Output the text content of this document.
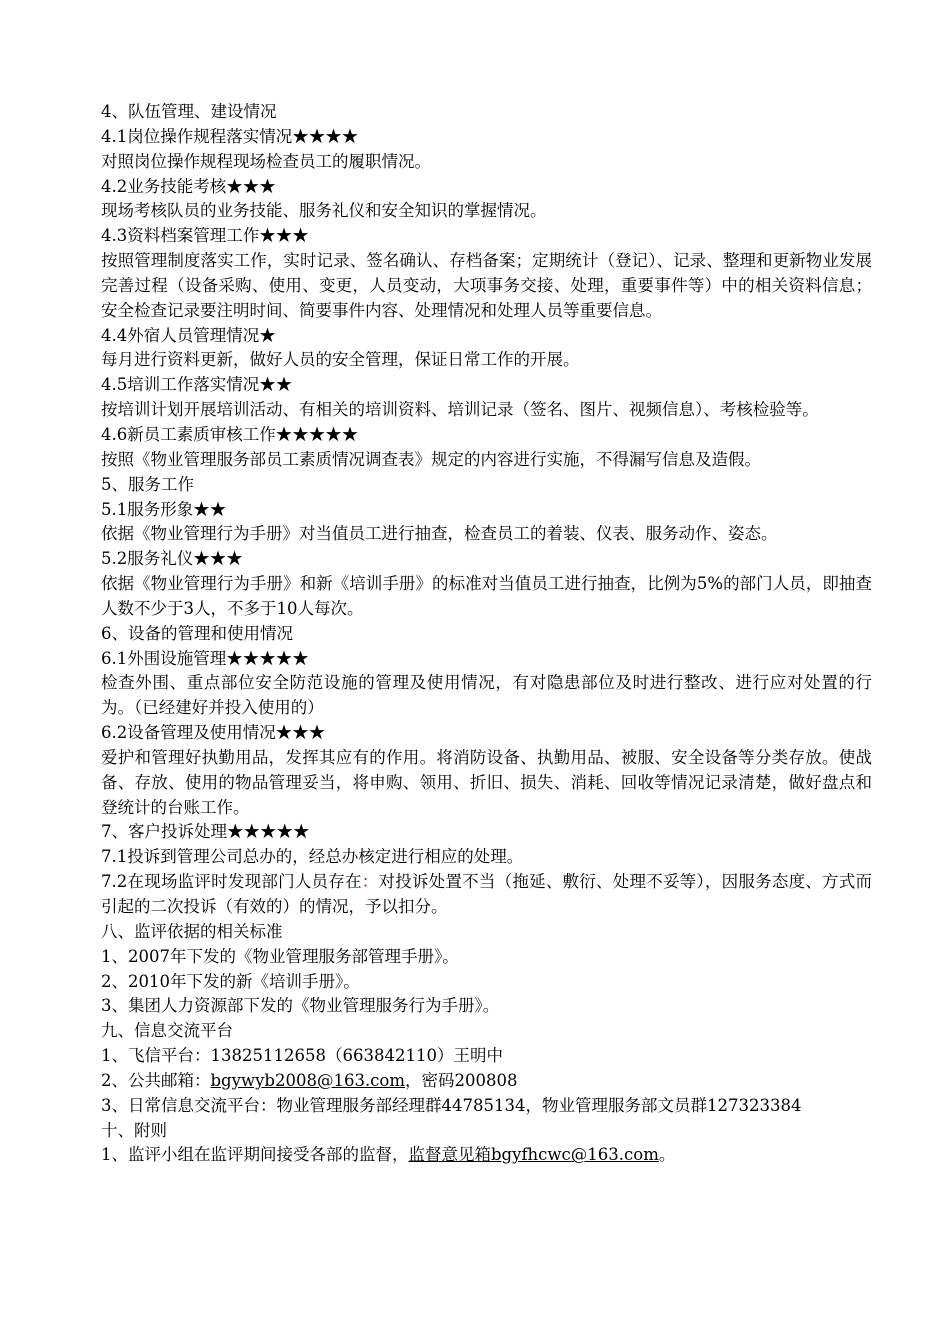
4、队伍管理、建设情况
4.1岗位操作规程落实情况★★★★
对照岗位操作规程现场检查员工的履职情况。
4.2业务技能考核★★★
现场考核队员的业务技能、服务礼仪和安全知识的掌握情况。
4.3资料档案管理工作★★★
按照管理制度落实工作，实时记录、签名确认、存档备案；定期统计（登记）、记录、整理和更新物业发展完善过程（设备采购、使用、变更，人员变动，大项事务交接、处理，重要事件等）中的相关资料信息；安全检查记录要注明时间、简要事件内容、处理情况和处理人员等重要信息。
4.4外宿人员管理情况★
每月进行资料更新，做好人员的安全管理，保证日常工作的开展。
4.5培训工作落实情况★★
按培训计划开展培训活动、有相关的培训资料、培训记录（签名、图片、视频信息）、考核检验等。
4.6新员工素质审核工作★★★★★
按照《物业管理服务部员工素质情况调查表》规定的内容进行实施，不得漏写信息及造假。
5、服务工作
5.1服务形象★★
依据《物业管理行为手册》对当值员工进行抽查，检查员工的着装、仪表、服务动作、姿态。
5.2服务礼仪★★★
依据《物业管理行为手册》和新《培训手册》的标准对当值员工进行抽查，比例为5%的部门人员，即抽查人数不少于3人，不多于10人每次。
6、设备的管理和使用情况
6.1外围设施管理★★★★★
检查外围、重点部位安全防范设施的管理及使用情况，有对隐患部位及时进行整改、进行应对处置的行为。（已经建好并投入使用的）
6.2设备管理及使用情况★★★
爱护和管理好执勤用品，发挥其应有的作用。将消防设备、执勤用品、被服、安全设备等分类存放。使战备、存放、使用的物品管理妥当，将申购、领用、折旧、损失、消耗、回收等情况记录清楚，做好盘点和登统计的台账工作。
7、客户投诉处理★★★★★
7.1投诉到管理公司总办的，经总办核定进行相应的处理。
7.2在现场监评时发现部门人员存在：对投诉处置不当（拖延、敷衍、处理不妥等），因服务态度、方式而引起的二次投诉（有效的）的情况，予以扣分。
八、监评依据的相关标准
1、2007年下发的《物业管理服务部管理手册》。
2、2010年下发的新《培训手册》。
3、集团人力资源部下发的《物业管理服务行为手册》。
九、信息交流平台
1、飞信平台：13825112658（663842110）王明中
2、公共邮箱：bgywyb2008@163.com，密码200808
3、日常信息交流平台：物业管理服务部经理群44785134，物业管理服务部文员群127323384
十、附则
1、监评小组在监评期间接受各部的监督，监督意见箱bgyfhcwc@163.com。
